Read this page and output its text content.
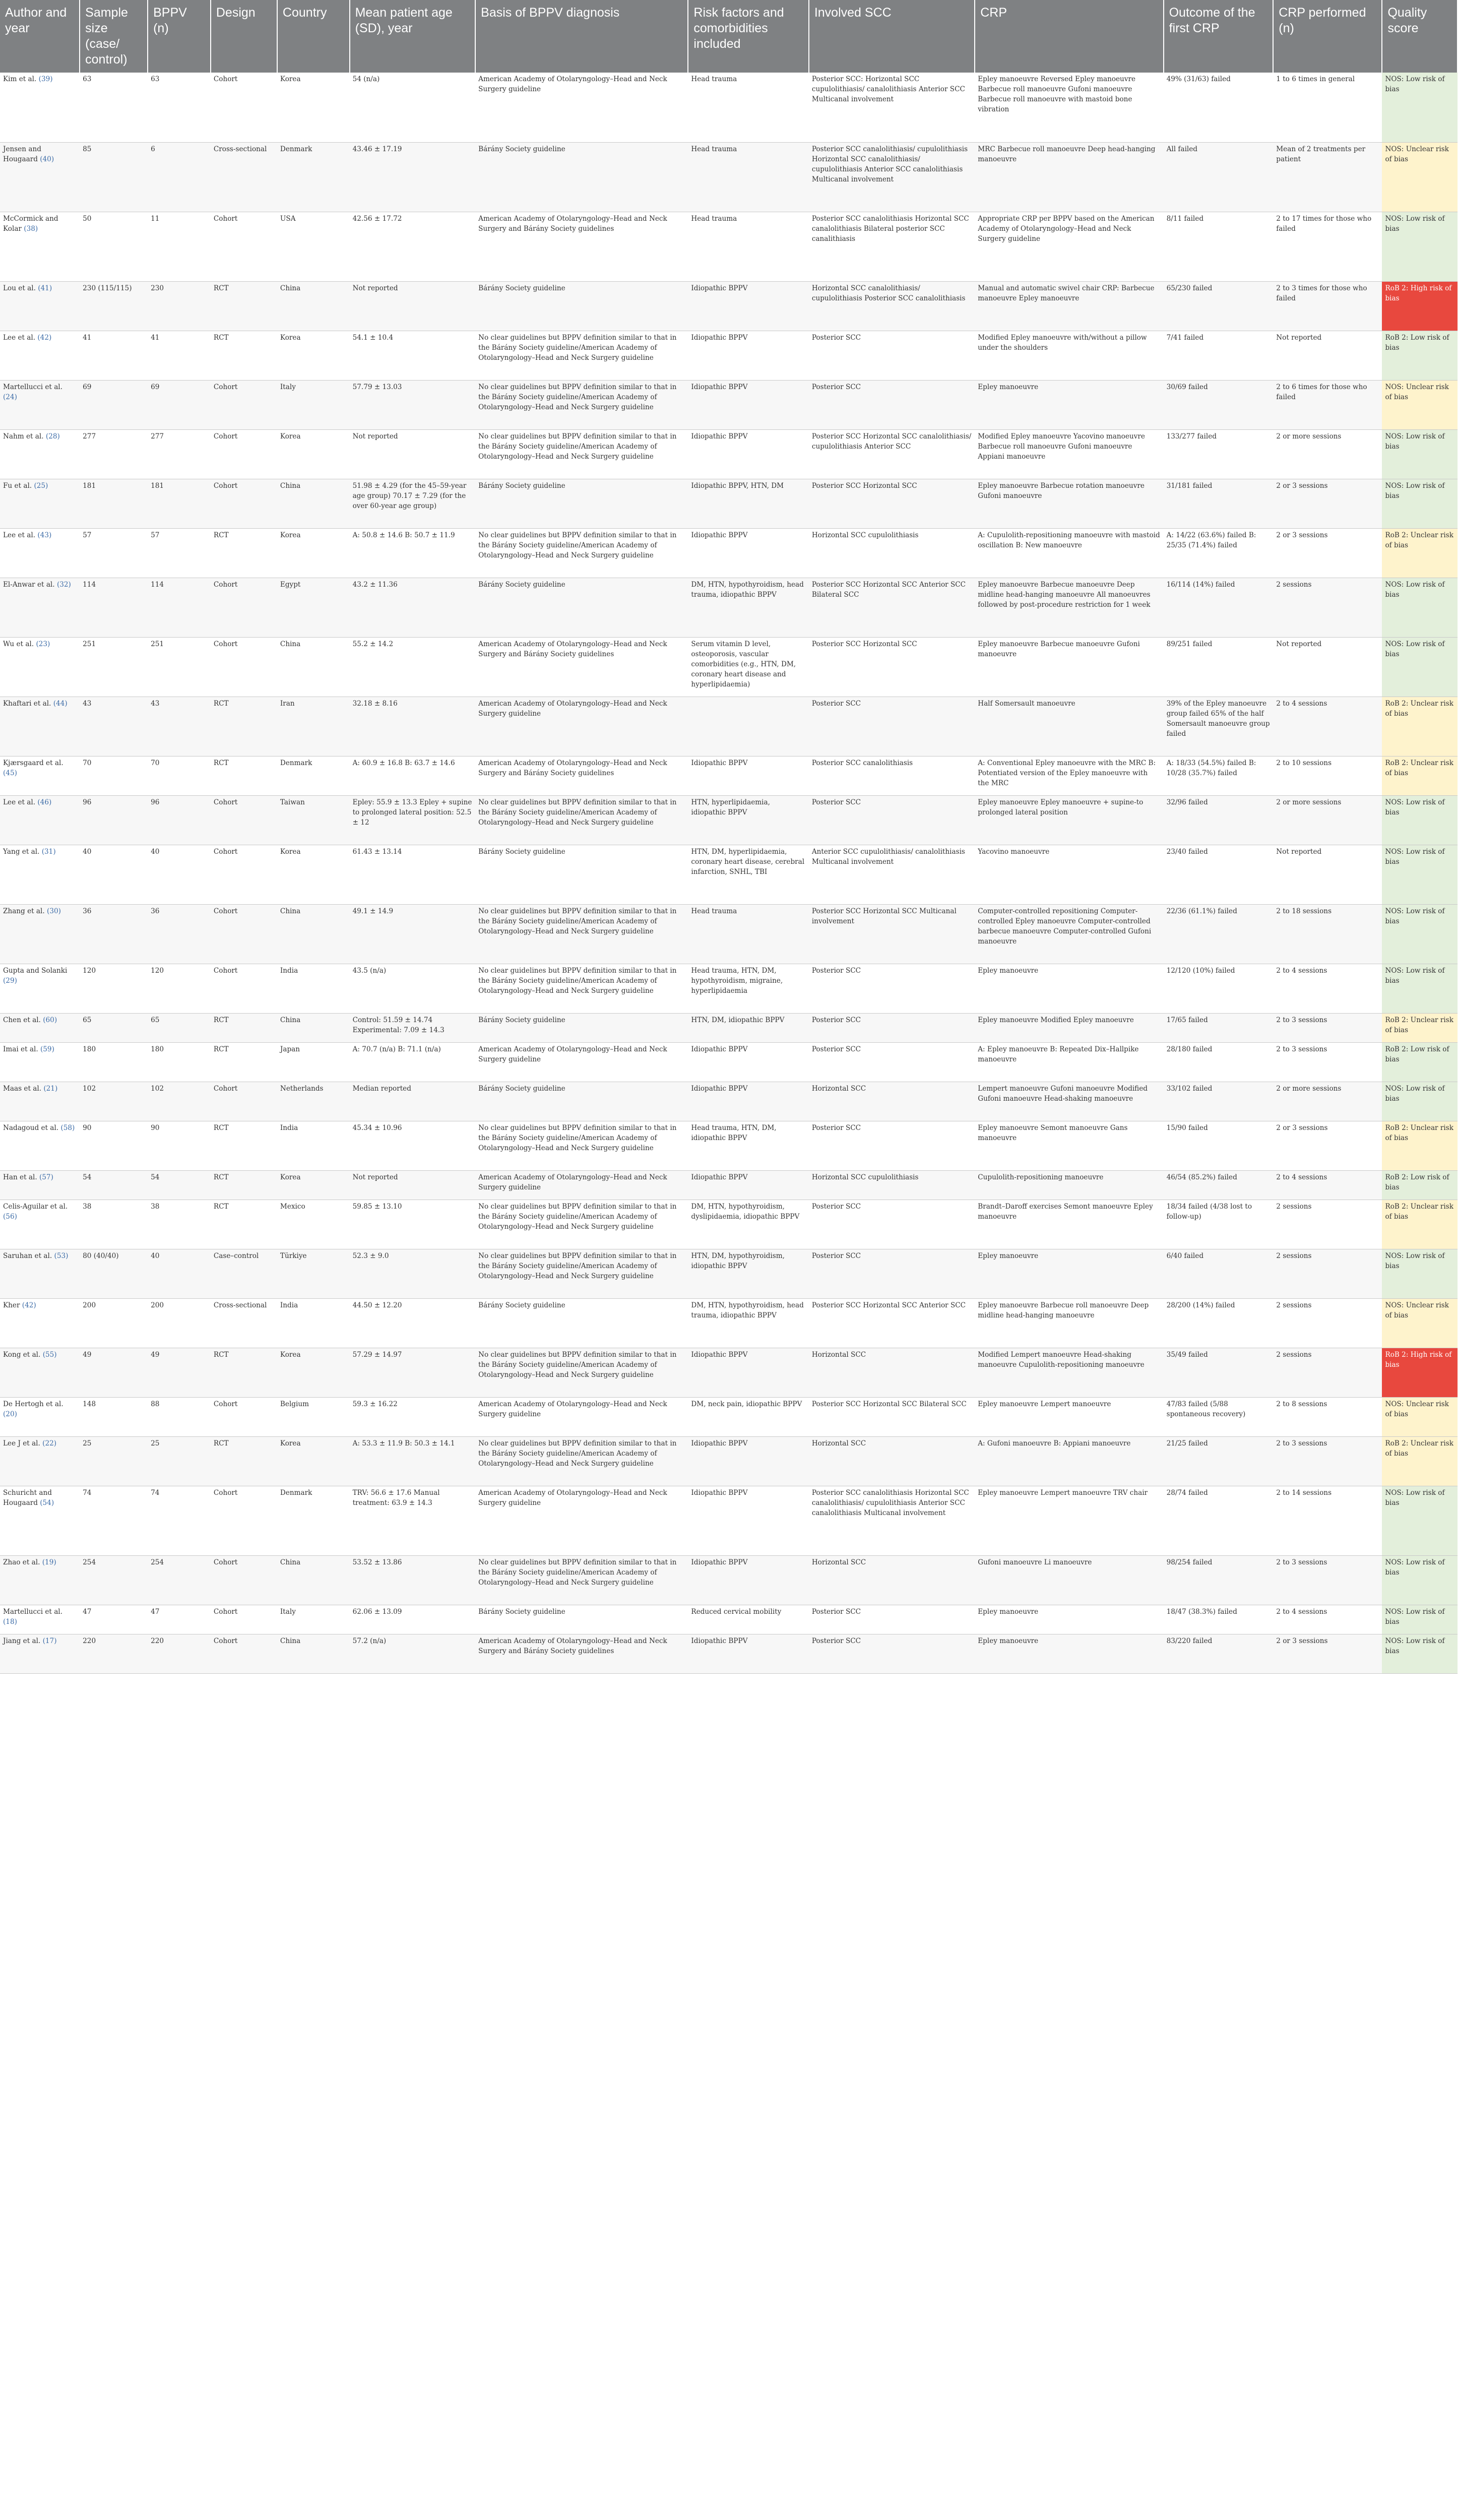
Author and year	Sample size (case/ control)	BPPV (n)	Design	Country	Mean patient age (SD), year	Basis of BPPV diagnosis	Risk factors and comorbidities included	Involved SCC	CRP	Outcome of the first CRP	CRP performed (n)	Quality score
Kim et al. (39)	63	63	Cohort	Korea	54 (n/a)	American Academy of Otolaryngology–Head and Neck Surgery guideline	Head trauma	Posterior SCC: Horizontal SCC cupulolithiasis/ canalolithiasis Anterior SCC Multicanal involvement	Epley manoeuvre Reversed Epley manoeuvre Barbecue roll manoeuvre Gufoni manoeuvre Barbecue roll manoeuvre with mastoid bone vibration	49% (31/63) failed	1 to 6 times in general	NOS: Low risk of bias
Jensen and Hougaard (40)	85	6	Cross-sectional	Denmark	43.46 ± 17.19	Bárány Society guideline	Head trauma	Posterior SCC canalolithiasis/ cupulolithiasis Horizontal SCC canalolithiasis/ cupulolithiasis Anterior SCC canalolithiasis Multicanal involvement	MRC Barbecue roll manoeuvre Deep head-hanging manoeuvre	All failed	Mean of 2 treatments per patient	NOS: Unclear risk of bias
McCormick and Kolar (38)	50	11	Cohort	USA	42.56 ± 17.72	American Academy of Otolaryngology–Head and Neck Surgery and Bárány Society guidelines	Head trauma	Posterior SCC canalolithiasis Horizontal SCC canalolithiasis Bilateral posterior SCC canalithiasis	Appropriate CRP per BPPV based on the American Academy of Otolaryngology–Head and Neck Surgery guideline	8/11 failed	2 to 17 times for those who failed	NOS: Low risk of bias
Lou et al. (41)	230 (115/115)	230	RCT	China	Not reported	Bárány Society guideline	Idiopathic BPPV	Horizontal SCC canalolithiasis/ cupulolithiasis Posterior SCC canalolithiasis	Manual and automatic swivel chair CRP: Barbecue manoeuvre Epley manoeuvre	65/230 failed	2 to 3 times for those who failed	RoB 2: High risk of bias
Lee et al. (42)	41	41	RCT	Korea	54.1 ± 10.4	No clear guidelines but BPPV definition similar to that in the Bárány Society guideline/American Academy of Otolaryngology–Head and Neck Surgery guideline	Idiopathic BPPV	Posterior SCC	Modified Epley manoeuvre with/without a pillow under the shoulders	7/41 failed	Not reported	RoB 2: Low risk of bias
Martellucci et al. (24)	69	69	Cohort	Italy	57.79 ± 13.03	No clear guidelines but BPPV definition similar to that in the Bárány Society guideline/American Academy of Otolaryngology–Head and Neck Surgery guideline	Idiopathic BPPV	Posterior SCC	Epley manoeuvre	30/69 failed	2 to 6 times for those who failed	NOS: Unclear risk of bias
Nahm et al. (28)	277	277	Cohort	Korea	Not reported	No clear guidelines but BPPV definition similar to that in the Bárány Society guideline/American Academy of Otolaryngology–Head and Neck Surgery guideline	Idiopathic BPPV	Posterior SCC Horizontal SCC canalolithiasis/ cupulolithiasis Anterior SCC	Modified Epley manoeuvre Yacovino manoeuvre Barbecue roll manoeuvre Gufoni manoeuvre Appiani manoeuvre	133/277 failed	2 or more sessions	NOS: Low risk of bias
Fu et al. (25)	181	181	Cohort	China	51.98 ± 4.29 (for the 45–59-year age group) 70.17 ± 7.29 (for the over 60-year age group)	Bárány Society guideline	Idiopathic BPPV, HTN, DM	Posterior SCC Horizontal SCC	Epley manoeuvre Barbecue rotation manoeuvre Gufoni manoeuvre	31/181 failed	2 or 3 sessions	NOS: Low risk of bias
Lee et al. (43)	57	57	RCT	Korea	A: 50.8 ± 14.6 B: 50.7 ± 11.9	No clear guidelines but BPPV definition similar to that in the Bárány Society guideline/American Academy of Otolaryngology–Head and Neck Surgery guideline	Idiopathic BPPV	Horizontal SCC cupulolithiasis	A: Cupulolith-repositioning manoeuvre with mastoid oscillation B: New manoeuvre	A: 14/22 (63.6%) failed B: 25/35 (71.4%) failed	2 or 3 sessions	RoB 2: Unclear risk of bias
El-Anwar et al. (32)	114	114	Cohort	Egypt	43.2 ± 11.36	Bárány Society guideline	DM, HTN, hypothyroidism, head trauma, idiopathic BPPV	Posterior SCC Horizontal SCC Anterior SCC Bilateral SCC	Epley manoeuvre Barbecue manoeuvre Deep midline head-hanging manoeuvre All manoeuvres followed by post-procedure restriction for 1 week	16/114 (14%) failed	2 sessions	NOS: Low risk of bias
Wu et al. (23)	251	251	Cohort	China	55.2 ± 14.2	American Academy of Otolaryngology–Head and Neck Surgery and Bárány Society guidelines	Serum vitamin D level, osteoporosis, vascular comorbidities (e.g., HTN, DM, coronary heart disease and hyperlipidaemia)	Posterior SCC Horizontal SCC	Epley manoeuvre Barbecue manoeuvre Gufoni manoeuvre	89/251 failed	Not reported	NOS: Low risk of bias
Khaftari et al. (44)	43	43	RCT	Iran	32.18 ± 8.16	American Academy of Otolaryngology–Head and Neck Surgery guideline		Posterior SCC	Half Somersault manoeuvre	39% of the Epley manoeuvre group failed 65% of the half Somersault manoeuvre group failed	2 to 4 sessions	RoB 2: Unclear risk of bias
Kjærsgaard et al. (45)	70	70	RCT	Denmark	A: 60.9 ± 16.8 B: 63.7 ± 14.6	American Academy of Otolaryngology–Head and Neck Surgery and Bárány Society guidelines	Idiopathic BPPV	Posterior SCC canalolithiasis	A: Conventional Epley manoeuvre with the MRC B: Potentiated version of the Epley manoeuvre with the MRC	A: 18/33 (54.5%) failed B: 10/28 (35.7%) failed	2 to 10 sessions	RoB 2: Unclear risk of bias
Lee et al. (46)	96	96	Cohort	Taiwan	Epley: 55.9 ± 13.3 Epley + supine to prolonged lateral position: 52.5 ± 12	No clear guidelines but BPPV definition similar to that in the Bárány Society guideline/American Academy of Otolaryngology–Head and Neck Surgery guideline	HTN, hyperlipidaemia, idiopathic BPPV	Posterior SCC	Epley manoeuvre Epley manoeuvre + supine-to prolonged lateral position	32/96 failed	2 or more sessions	NOS: Low risk of bias
Yang et al. (31)	40	40	Cohort	Korea	61.43 ± 13.14	Bárány Society guideline	HTN, DM, hyperlipidaemia, coronary heart disease, cerebral infarction, SNHL, TBI	Anterior SCC cupulolithiasis/ canalolithiasis Multicanal involvement	Yacovino manoeuvre	23/40 failed	Not reported	NOS: Low risk of bias
Zhang et al. (30)	36	36	Cohort	China	49.1 ± 14.9	No clear guidelines but BPPV definition similar to that in the Bárány Society guideline/American Academy of Otolaryngology–Head and Neck Surgery guideline	Head trauma	Posterior SCC Horizontal SCC Multicanal involvement	Computer-controlled repositioning Computer-controlled Epley manoeuvre Computer-controlled barbecue manoeuvre Computer-controlled Gufoni manoeuvre	22/36 (61.1%) failed	2 to 18 sessions	NOS: Low risk of bias
Gupta and Solanki (29)	120	120	Cohort	India	43.5 (n/a)	No clear guidelines but BPPV definition similar to that in the Bárány Society guideline/American Academy of Otolaryngology–Head and Neck Surgery guideline	Head trauma, HTN, DM, hypothyroidism, migraine, hyperlipidaemia	Posterior SCC	Epley manoeuvre	12/120 (10%) failed	2 to 4 sessions	NOS: Low risk of bias
Chen et al. (60)	65	65	RCT	China	Control: 51.59 ± 14.74 Experimental: 7.09 ± 14.3	Bárány Society guideline	HTN, DM, idiopathic BPPV	Posterior SCC	Epley manoeuvre Modified Epley manoeuvre	17/65 failed	2 to 3 sessions	RoB 2: Unclear risk of bias
Imai et al. (59)	180	180	RCT	Japan	A: 70.7 (n/a) B: 71.1 (n/a)	American Academy of Otolaryngology–Head and Neck Surgery guideline	Idiopathic BPPV	Posterior SCC	A: Epley manoeuvre B: Repeated Dix–Hallpike manoeuvre	28/180 failed	2 to 3 sessions	RoB 2: Low risk of bias
Maas et al. (21)	102	102	Cohort	Netherlands	Median reported	Bárány Society guideline	Idiopathic BPPV	Horizontal SCC	Lempert manoeuvre Gufoni manoeuvre Modified Gufoni manoeuvre Head-shaking manoeuvre	33/102 failed	2 or more sessions	NOS: Low risk of bias
Nadagoud et al. (58)	90	90	RCT	India	45.34 ± 10.96	No clear guidelines but BPPV definition similar to that in the Bárány Society guideline/American Academy of Otolaryngology–Head and Neck Surgery guideline	Head trauma, HTN, DM, idiopathic BPPV	Posterior SCC	Epley manoeuvre Semont manoeuvre Gans manoeuvre	15/90 failed	2 or 3 sessions	RoB 2: Unclear risk of bias
Han et al. (57)	54	54	RCT	Korea	Not reported	American Academy of Otolaryngology–Head and Neck Surgery guideline	Idiopathic BPPV	Horizontal SCC cupulolithiasis	Cupulolith-repositioning manoeuvre	46/54 (85.2%) failed	2 to 4 sessions	RoB 2: Low risk of bias
Celis-Aguilar et al. (56)	38	38	RCT	Mexico	59.85 ± 13.10	No clear guidelines but BPPV definition similar to that in the Bárány Society guideline/American Academy of Otolaryngology–Head and Neck Surgery guideline	DM, HTN, hypothyroidism, dyslipidaemia, idiopathic BPPV	Posterior SCC	Brandt–Daroff exercises Semont manoeuvre Epley manoeuvre	18/34 failed (4/38 lost to follow-up)	2 sessions	RoB 2: Unclear risk of bias
Saruhan et al. (53)	80 (40/40)	40	Case–control	Türkiye	52.3 ± 9.0	No clear guidelines but BPPV definition similar to that in the Bárány Society guideline/American Academy of Otolaryngology–Head and Neck Surgery guideline	HTN, DM, hypothyroidism, idiopathic BPPV	Posterior SCC	Epley manoeuvre	6/40 failed	2 sessions	NOS: Low risk of bias
Kher (42)	200	200	Cross-sectional	India	44.50 ± 12.20	Bárány Society guideline	DM, HTN, hypothyroidism, head trauma, idiopathic BPPV	Posterior SCC Horizontal SCC Anterior SCC	Epley manoeuvre Barbecue roll manoeuvre Deep midline head-hanging manoeuvre	28/200 (14%) failed	2 sessions	NOS: Unclear risk of bias
Kong et al. (55)	49	49	RCT	Korea	57.29 ± 14.97	No clear guidelines but BPPV definition similar to that in the Bárány Society guideline/American Academy of Otolaryngology–Head and Neck Surgery guideline	Idiopathic BPPV	Horizontal SCC	Modified Lempert manoeuvre Head-shaking manoeuvre Cupulolith-repositioning manoeuvre	35/49 failed	2 sessions	RoB 2: High risk of bias
De Hertogh et al. (20)	148	88	Cohort	Belgium	59.3 ± 16.22	American Academy of Otolaryngology–Head and Neck Surgery guideline	DM, neck pain, idiopathic BPPV	Posterior SCC Horizontal SCC Bilateral SCC	Epley manoeuvre Lempert manoeuvre	47/83 failed (5/88 spontaneous recovery)	2 to 8 sessions	NOS: Unclear risk of bias
Lee J et al. (22)	25	25	RCT	Korea	A: 53.3 ± 11.9 B: 50.3 ± 14.1	No clear guidelines but BPPV definition similar to that in the Bárány Society guideline/American Academy of Otolaryngology–Head and Neck Surgery guideline	Idiopathic BPPV	Horizontal SCC	A: Gufoni manoeuvre B: Appiani manoeuvre	21/25 failed	2 to 3 sessions	RoB 2: Unclear risk of bias
Schuricht and Hougaard (54)	74	74	Cohort	Denmark	TRV: 56.6 ± 17.6 Manual treatment: 63.9 ± 14.3	American Academy of Otolaryngology–Head and Neck Surgery guideline	Idiopathic BPPV	Posterior SCC canalolithiasis Horizontal SCC canalolithiasis/ cupulolithiasis Anterior SCC canalolithiasis Multicanal involvement	Epley manoeuvre Lempert manoeuvre TRV chair	28/74 failed	2 to 14 sessions	NOS: Low risk of bias
Zhao et al. (19)	254	254	Cohort	China	53.52 ± 13.86	No clear guidelines but BPPV definition similar to that in the Bárány Society guideline/American Academy of Otolaryngology–Head and Neck Surgery guideline	Idiopathic BPPV	Horizontal SCC	Gufoni manoeuvre Li manoeuvre	98/254 failed	2 to 3 sessions	NOS: Low risk of bias
Martellucci et al. (18)	47	47	Cohort	Italy	62.06 ± 13.09	Bárány Society guideline	Reduced cervical mobility	Posterior SCC	Epley manoeuvre	18/47 (38.3%) failed	2 to 4 sessions	NOS: Low risk of bias
Jiang et al. (17)	220	220	Cohort	China	57.2 (n/a)	American Academy of Otolaryngology–Head and Neck Surgery and Bárány Society guidelines	Idiopathic BPPV	Posterior SCC	Epley manoeuvre	83/220 failed	2 or 3 sessions	NOS: Low risk of bias
